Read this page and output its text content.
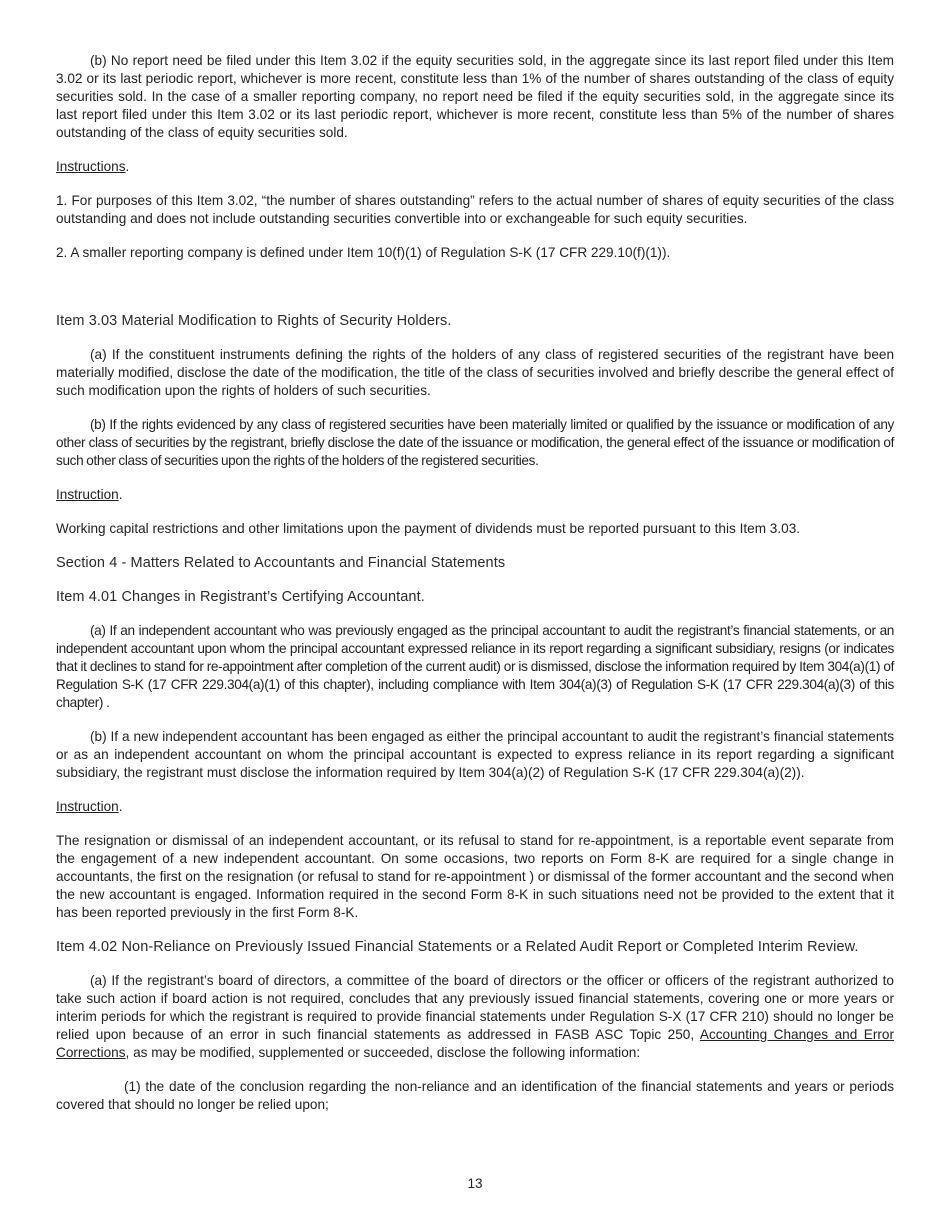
(b) No report need be filed under this Item 3.02 if the equity securities sold, in the aggregate since its last report filed under this Item 3.02 or its last periodic report, whichever is more recent, constitute less than 1% of the number of shares outstanding of the class of equity securities sold. In the case of a smaller reporting company, no report need be filed if the equity securities sold, in the aggregate since its last report filed under this Item 3.02 or its last periodic report, whichever is more recent, constitute less than 5% of the number of shares outstanding of the class of equity securities sold.

Instructions.

1. For purposes of this Item 3.02, “the number of shares outstanding” refers to the actual number of shares of equity securities of the class outstanding and does not include outstanding securities convertible into or exchangeable for such equity securities.

2. A smaller reporting company is defined under Item 10(f)(1) of Regulation S-K (17 CFR 229.10(f)(1)).

Item 3.03 Material Modification to Rights of Security Holders.

(a) If the constituent instruments defining the rights of the holders of any class of registered securities of the registrant have been materially modified, disclose the date of the modification, the title of the class of securities involved and briefly describe the general effect of such modification upon the rights of holders of such securities.

(b) If the rights evidenced by any class of registered securities have been materially limited or qualified by the issuance or modification of any other class of securities by the registrant, briefly disclose the date of the issuance or modification, the general effect of the issuance or modification of such other class of securities upon the rights of the holders of the registered securities.

Instruction.

Working capital restrictions and other limitations upon the payment of dividends must be reported pursuant to this Item 3.03.

Section 4 - Matters Related to Accountants and Financial Statements

Item 4.01 Changes in Registrant’s Certifying Accountant.

(a) If an independent accountant who was previously engaged as the principal accountant to audit the registrant’s financial statements, or an independent accountant upon whom the principal accountant expressed reliance in its report regarding a significant subsidiary, resigns (or indicates that it declines to stand for re-appointment after completion of the current audit) or is dismissed, disclose the information required by Item 304(a)(1) of Regulation S-K (17 CFR 229.304(a)(1) of this chapter), including compliance with Item 304(a)(3) of Regulation S-K (17 CFR 229.304(a)(3) of this chapter) .

(b) If a new independent accountant has been engaged as either the principal accountant to audit the registrant’s financial statements or as an independent accountant on whom the principal accountant is expected to express reliance in its report regarding a significant subsidiary, the registrant must disclose the information required by Item 304(a)(2) of Regulation S-K (17 CFR 229.304(a)(2)).

Instruction.

The resignation or dismissal of an independent accountant, or its refusal to stand for re-appointment, is a reportable event separate from the engagement of a new independent accountant. On some occasions, two reports on Form 8-K are required for a single change in accountants, the first on the resignation (or refusal to stand for re-appointment ) or dismissal of the former accountant and the second when the new accountant is engaged. Information required in the second Form 8-K in such situations need not be provided to the extent that it has been reported previously in the first Form 8-K.

Item 4.02 Non-Reliance on Previously Issued Financial Statements or a Related Audit Report or Completed Interim Review.

(a) If the registrant’s board of directors, a committee of the board of directors or the officer or officers of the registrant authorized to take such action if board action is not required, concludes that any previously issued financial statements, covering one or more years or interim periods for which the registrant is required to provide financial statements under Regulation S-X (17 CFR 210) should no longer be relied upon because of an error in such financial statements as addressed in FASB ASC Topic 250, Accounting Changes and Error Corrections, as may be modified, supplemented or succeeded, disclose the following information:

(1) the date of the conclusion regarding the non-reliance and an identification of the financial statements and years or periods covered that should no longer be relied upon;

13
